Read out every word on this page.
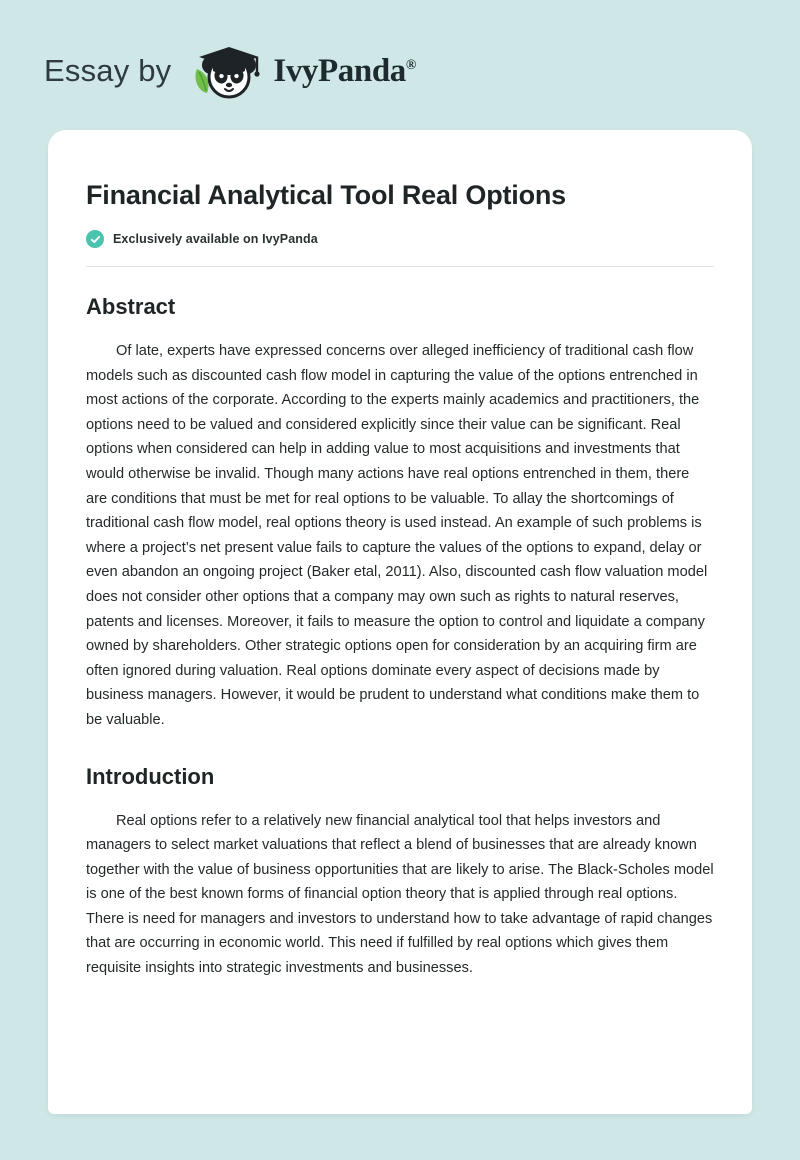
Essay by	IvyPanda®
Financial Analytical Tool Real Options
Exclusively available on IvyPanda
Abstract

Of late, experts have expressed concerns over alleged inefficiency of traditional cash flow models such as discounted cash flow model in capturing the value of the options entrenched in most actions of the corporate. According to the experts mainly academics and practitioners, the options need to be valued and considered explicitly since their value can be significant. Real options when considered can help in adding value to most acquisitions and investments that would otherwise be invalid. Though many actions have real options entrenched in them, there are conditions that must be met for real options to be valuable. To allay the shortcomings of traditional cash flow model, real options theory is used instead. An example of such problems is where a project’s net present value fails to capture the values of the options to expand, delay or even abandon an ongoing project (Baker etal, 2011). Also, discounted cash flow valuation model does not consider other options that a company may own such as rights to natural reserves, patents and licenses. Moreover, it fails to measure the option to control and liquidate a company owned by shareholders. Other strategic options open for consideration by an acquiring firm are often ignored during valuation. Real options dominate every aspect of decisions made by business managers. However, it would be prudent to understand what conditions make them to be valuable.

Introduction

Real options refer to a relatively new financial analytical tool that helps investors and managers to select market valuations that reflect a blend of businesses that are already known together with the value of business opportunities that are likely to arise. The Black-Scholes model is one of the best known forms of financial option theory that is applied through real options. There is need for managers and investors to understand how to take advantage of rapid changes that are occurring in economic world. This need if fulfilled by real options which gives them requisite insights into strategic investments and businesses.
